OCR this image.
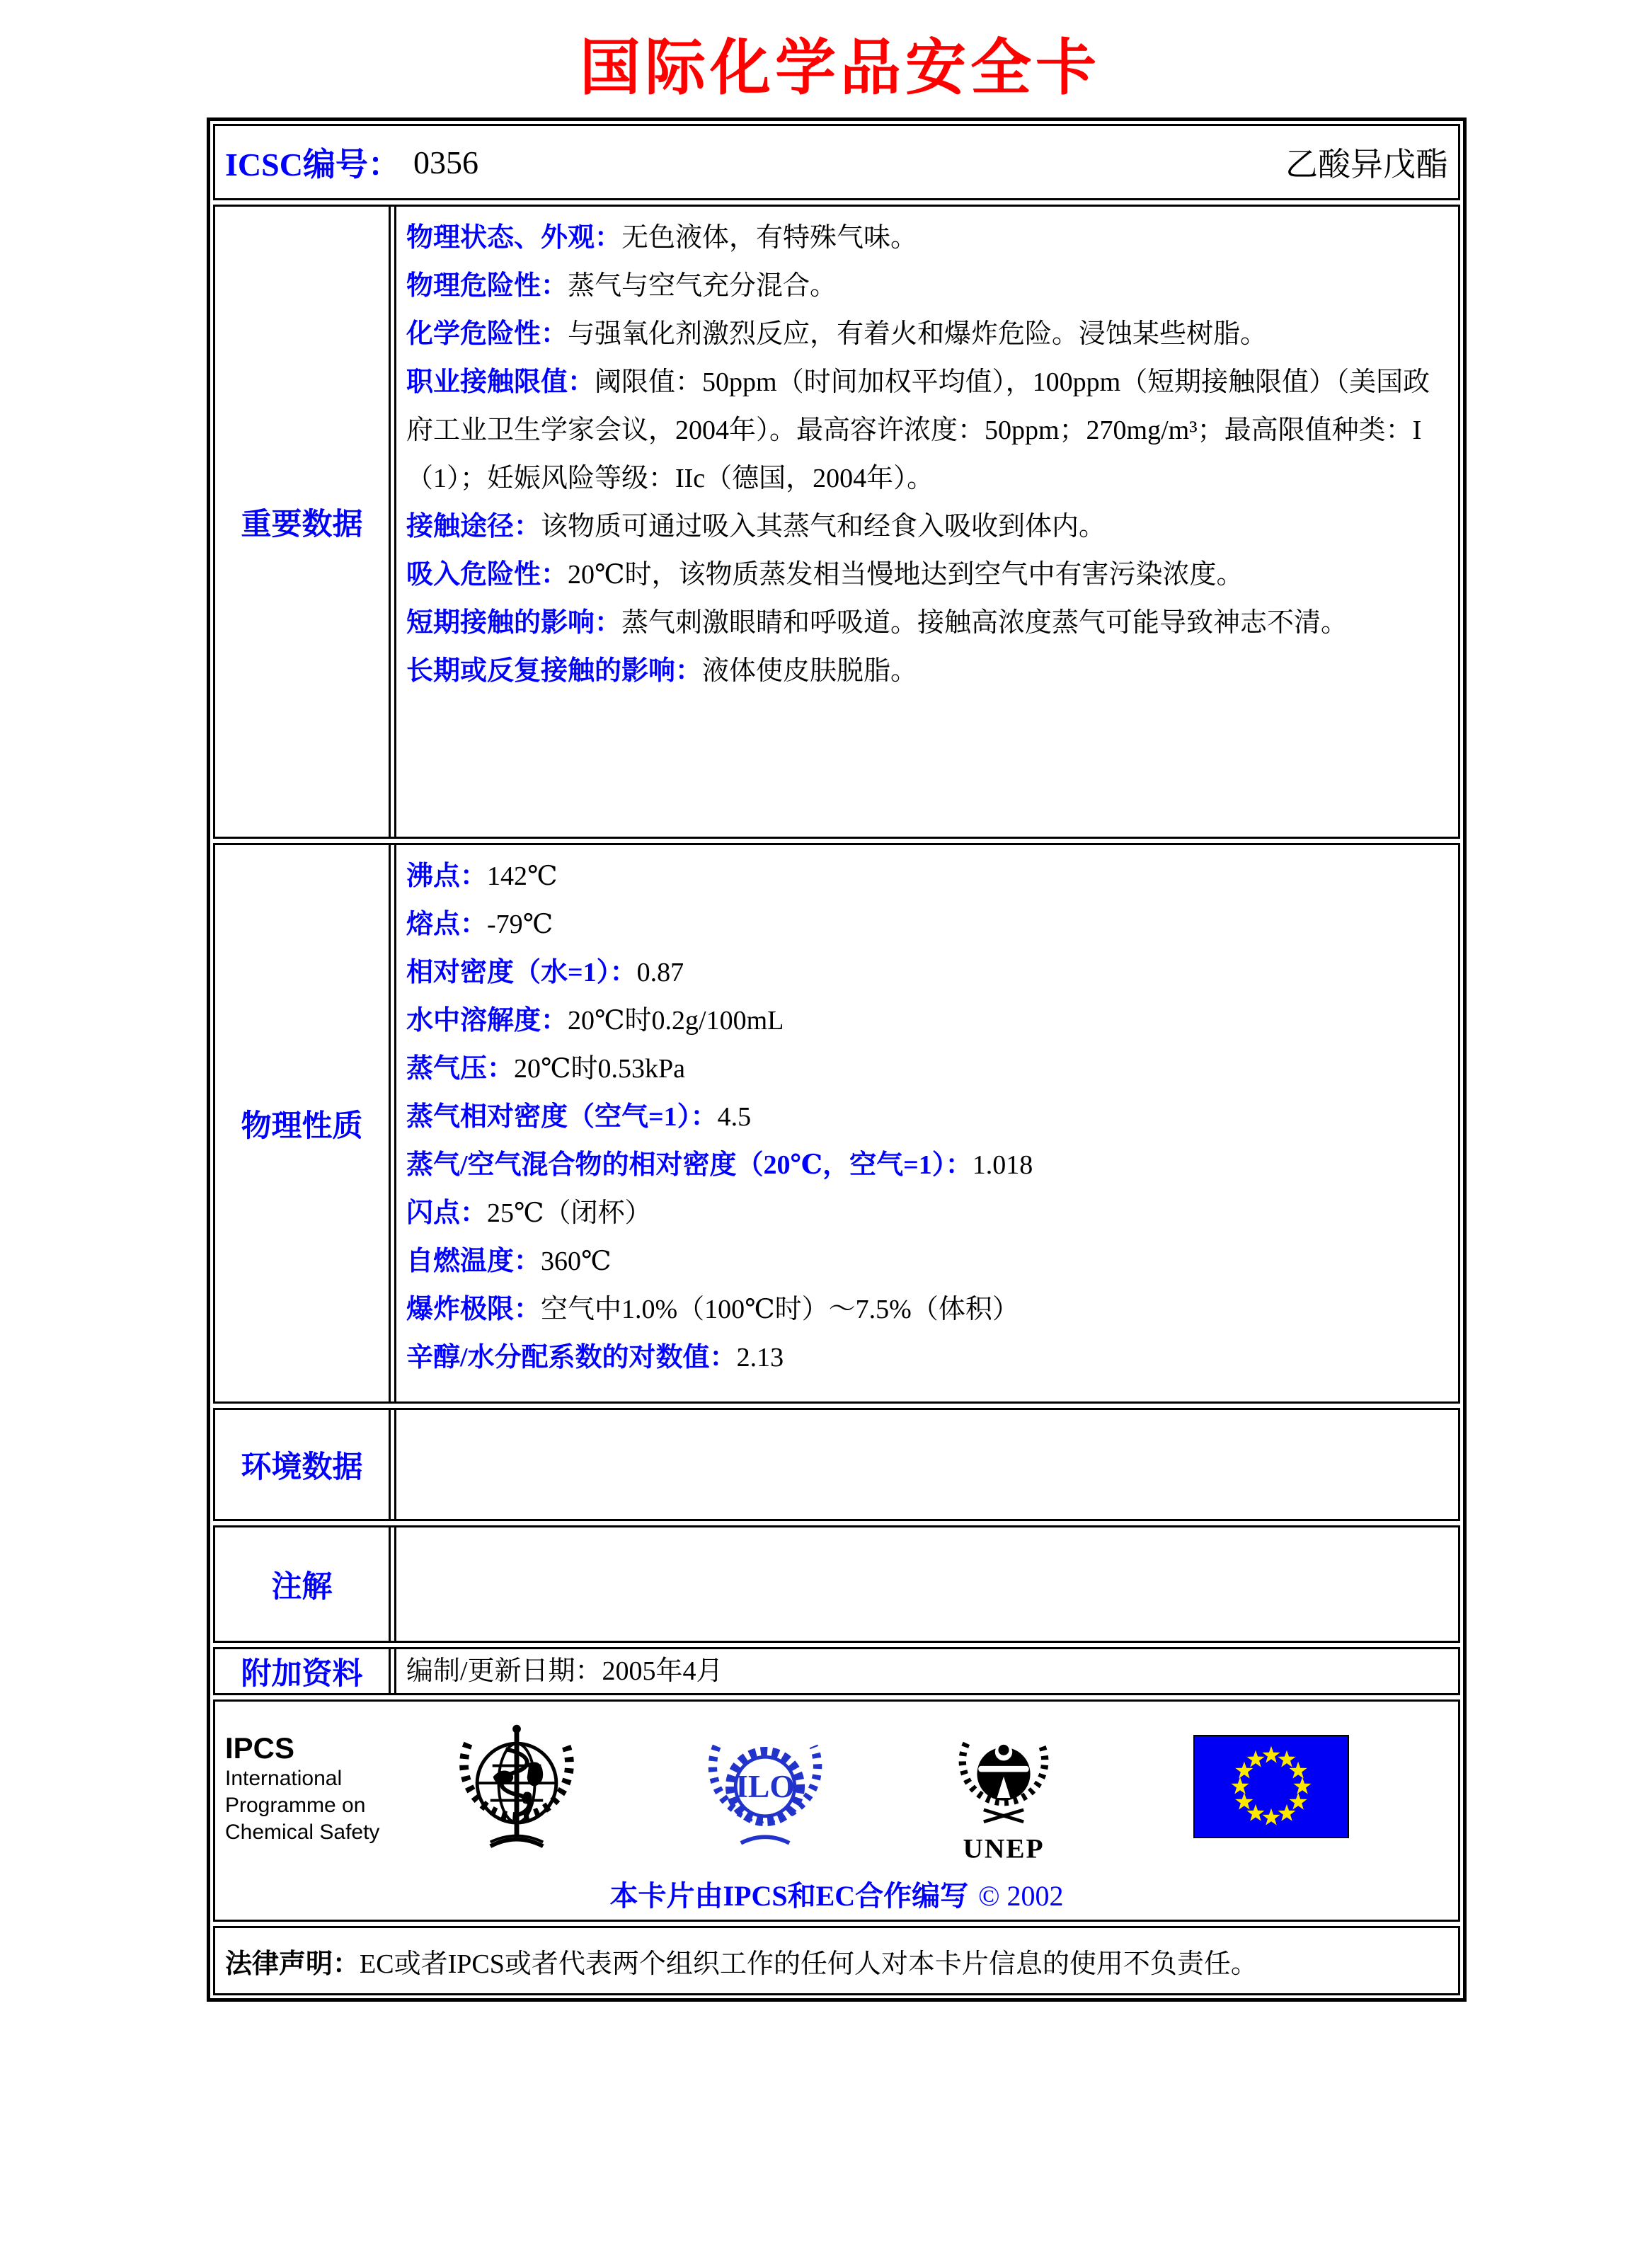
国际化学品安全卡
ICSC编号： 0356	乙酸异戊酯
重要数据

物理状态、外观：无色液体，有特殊气味。

物理危险性：蒸气与空气充分混合。

化学危险性：与强氧化剂激烈反应，有着火和爆炸危险。浸蚀某些树脂。

职业接触限值：阈限值：50ppm（时间加权平均值），100ppm（短期接触限值）（美国政府工业卫生学家会议，2004年）。最高容许浓度：50ppm；270mg/m³；最高限值种类：I（1）；妊娠风险等级：IIc（德国，2004年）。

接触途径：该物质可通过吸入其蒸气和经食入吸收到体内。

吸入危险性：20℃时，该物质蒸发相当慢地达到空气中有害污染浓度。

短期接触的影响：蒸气刺激眼睛和呼吸道。接触高浓度蒸气可能导致神志不清。

长期或反复接触的影响：液体使皮肤脱脂。

物理性质

沸点：142℃

熔点：-79℃

相对密度（水=1）：0.87

水中溶解度：20℃时0.2g/100mL

蒸气压：20℃时0.53kPa

蒸气相对密度（空气=1）：4.5

蒸气/空气混合物的相对密度（20℃，空气=1）：1.018

闪点：25℃（闭杯）

自燃温度：360℃

爆炸极限：空气中1.0%（100℃时）～7.5%（体积）

辛醇/水分配系数的对数值：2.13

环境数据
注解
附加资料	编制/更新日期：2005年4月
IPCS
International
Programme on
Chemical Safety
ILO
UNEP
本卡片由IPCS和EC合作编写 © 2002
法律声明： EC或者IPCS或者代表两个组织工作的任何人对本卡片信息的使用不负责任。
